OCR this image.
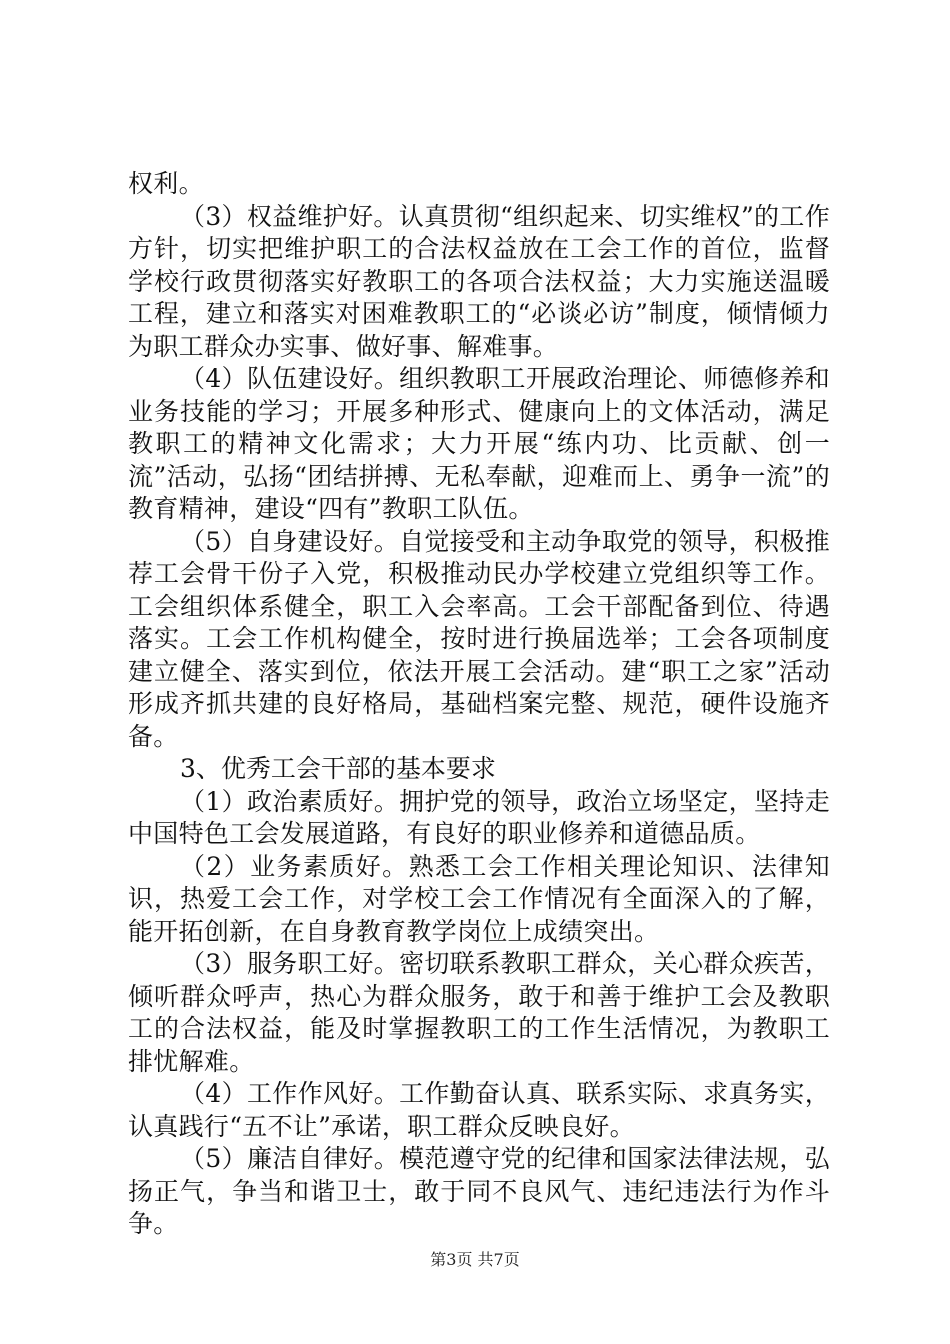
权利。

（3）权益维护好。认真贯彻“组织起来、切实维权”的工作方针，切实把维护职工的合法权益放在工会工作的首位，监督学校行政贯彻落实好教职工的各项合法权益；大力实施送温暖工程，建立和落实对困难教职工的“必谈必访”制度，倾情倾力为职工群众办实事、做好事、解难事。

（4）队伍建设好。组织教职工开展政治理论、师德修养和业务技能的学习；开展多种形式、健康向上的文体活动，满足教职工的精神文化需求；大力开展“练内功、比贡献、创一流”活动，弘扬“团结拼搏、无私奉献，迎难而上、勇争一流”的教育精神，建设“四有”教职工队伍。

（5）自身建设好。自觉接受和主动争取党的领导，积极推荐工会骨干份子入党，积极推动民办学校建立党组织等工作。工会组织体系健全，职工入会率高。工会干部配备到位、待遇落实。工会工作机构健全，按时进行换届选举；工会各项制度建立健全、落实到位，依法开展工会活动。建“职工之家”活动形成齐抓共建的良好格局，基础档案完整、规范，硬件设施齐备。

3、优秀工会干部的基本要求

（1）政治素质好。拥护党的领导，政治立场坚定，坚持走中国特色工会发展道路，有良好的职业修养和道德品质。

（2）业务素质好。熟悉工会工作相关理论知识、法律知识，热爱工会工作，对学校工会工作情况有全面深入的了解，能开拓创新，在自身教育教学岗位上成绩突出。

（3）服务职工好。密切联系教职工群众，关心群众疾苦，倾听群众呼声，热心为群众服务，敢于和善于维护工会及教职工的合法权益，能及时掌握教职工的工作生活情况，为教职工排忧解难。

（4）工作作风好。工作勤奋认真、联系实际、求真务实，认真践行“五不让”承诺，职工群众反映良好。

（5）廉洁自律好。模范遵守党的纪律和国家法律法规，弘扬正气，争当和谐卫士，敢于同不良风气、违纪违法行为作斗争。

第3页 共7页
